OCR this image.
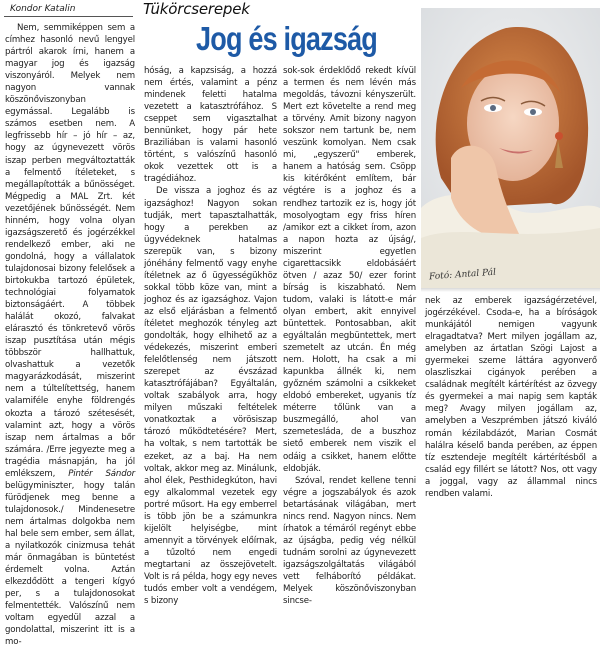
Kondor Katalin	Tükörcserepek
Jog és igazság

Nem, semmiképpen sem a címhez hasonló nevű lengyel pártról akarok írni, hanem a magyar jog és igazság viszonyáról. Melyek nem nagyon vannak köszönőviszonyban egymással. Legalább is számos esetben nem. A legfrissebb hír – jó hír – az, hogy az úgynevezett vörös iszap perben megváltoztatták a felmentő ítéleteket, s megállapították a bűnösséget. Mégpedig a MAL Zrt. két vezetőjének bűnösségét. Nem hinném, hogy volna olyan igazságszerető és jogérzékkel rendelkező ember, aki ne gondolná, hogy a vállalatok tulajdonosai bizony felelősek a birtokukba tartozó épületek, technológiai folyamatok biztonságáért. A többek halálát okozó, falvakat elárasztó és tönkretevő vörös iszap pusztítása után mégis többször hallhattuk, olvashattuk a vezetők magyarázkodását, miszerint nem a túltelítettség, hanem valamiféle enyhe földrengés okozta a tározó szétesését, valamint azt, hogy a vörös iszap nem ártalmas a bőr számára. /Erre jegyezte meg a tragédia másnapján, ha jól emlékszem, Pintér Sándor belügyminiszter, hogy talán fürödjenek meg benne a tulajdonosok./ Mindenesetre nem ártalmas dolgokba nem hal bele sem ember, sem állat, a nyilatkozók cinizmusa tehát már önmagában is büntetést érdemelt volna. Aztán elkezdődött a tengeri kígyó per, s a tulajdonosokat felmentették. Valószínű nem voltam egyedül azzal a gondolattal, miszerint itt is a mo-

hóság, a kapzsiság, a hozzá nem értés, valamint a pénz mindenek feletti hatalma vezetett a katasztrófához. S cseppet sem vigasztalhat bennünket, hogy pár hete Braziliában is valami hasonló történt, s valószínű hasonló okok vezettek ott is a tragédiához.

De vissza a joghoz és az igazsághoz! Nagyon sokan tudják, mert tapasztalhatták, hogy a perekben az ügyvédeknek hatalmas szerepük van, s bizony jónéhány felmentő vagy enyhe ítéletnek az ő ügyességükhöz sokkal több köze van, mint a joghoz és az igazsághoz. Vajon az első eljárásban a felmentő ítéletet meghozók tényleg azt gondolták, hogy elhihető az a védekezés, miszerint emberi felelőtlenség nem játszott szerepet az évszázad katasztrófájában? Egyáltalán, voltak szabályok arra, hogy milyen műszaki feltételek vonatkoztak a vörösiszap tározó működtetésére? Mert, ha voltak, s nem tartották be ezeket, az a baj. Ha nem voltak, akkor meg az. Minálunk, ahol élek, Pesthidegkúton, havi egy alkalommal vezetek egy portré műsort. Ha egy emberrel is több jön be a számunkra kijelölt helyiségbe, mint amennyit a törvények előírnak, a tűzoltó nem engedi megtartani az összejövetelt. Volt is rá példa, hogy egy neves tudós ember volt a vendégem, s bizony

sok-sok érdeklődő rekedt kívül a termen és nem lévén más megoldás, távozni kényszerült. Mert ezt követelte a rend meg a törvény. Amit bizony nagyon sokszor nem tartunk be, nem veszünk komolyan. Nem csak mi, „egyszerű" emberek, hanem a hatóság sem. Csöpp kis kitérőként említem, bár végtére is a joghoz és a rendhez tartozik ez is, hogy jót mosolyogtam egy friss híren /amikor ezt a cikket írom, azon a napon hozta az újság/, miszerint egyetlen cigarettacsikk eldobásáért ötven / azaz 50/ ezer forint bírság is kiszabható. Nem tudom, valaki is látott-e már olyan embert, akit ennyivel büntettek. Pontosabban, akit egyáltalán megbüntettek, mert szemetelt az utcán. Én még nem. Holott, ha csak a mi kapunkba állnék ki, nem győzném számolni a csikkeket eldobó embereket, ugyanis tíz méterre tőlünk van a buszmegálló, ahol van szemetesláda, de a buszhoz siető emberek nem viszik el odáig a csikket, hanem előtte eldobják.

Szóval, rendet kellene tenni végre a jogszabályok és azok betartásának világában, mert nincs rend. Nagyon nincs. Nem írhatok a témáról regényt ebbe az újságba, pedig vég nélkül tudnám sorolni az úgynevezett igazságszolgáltatás világából vett felháborító példákat. Melyek köszönőviszonyban sincse-

Fotó: Antal Pál

nek az emberek igazságérzetével, jogérzékével. Csoda-e, ha a bíróságok munkájától nemigen vagyunk elragadtatva? Mert milyen jogállam az, amelyben az ártatlan Szögi Lajost a gyermekei szeme láttára agyonverő olaszliszkai cigányok perében a családnak megítélt kártérítést az özvegy és gyermekei a mai napig sem kapták meg? Avagy milyen jogállam az, amelyben a Veszprémben játszó kiváló román kézilabdázót, Marian Cosmát halálra késelő banda perében, az éppen tíz esztendeje megítélt kártérítésből a család egy fillért se látott? Nos, ott vagy a joggal, vagy az állammal nincs rendben valami.
